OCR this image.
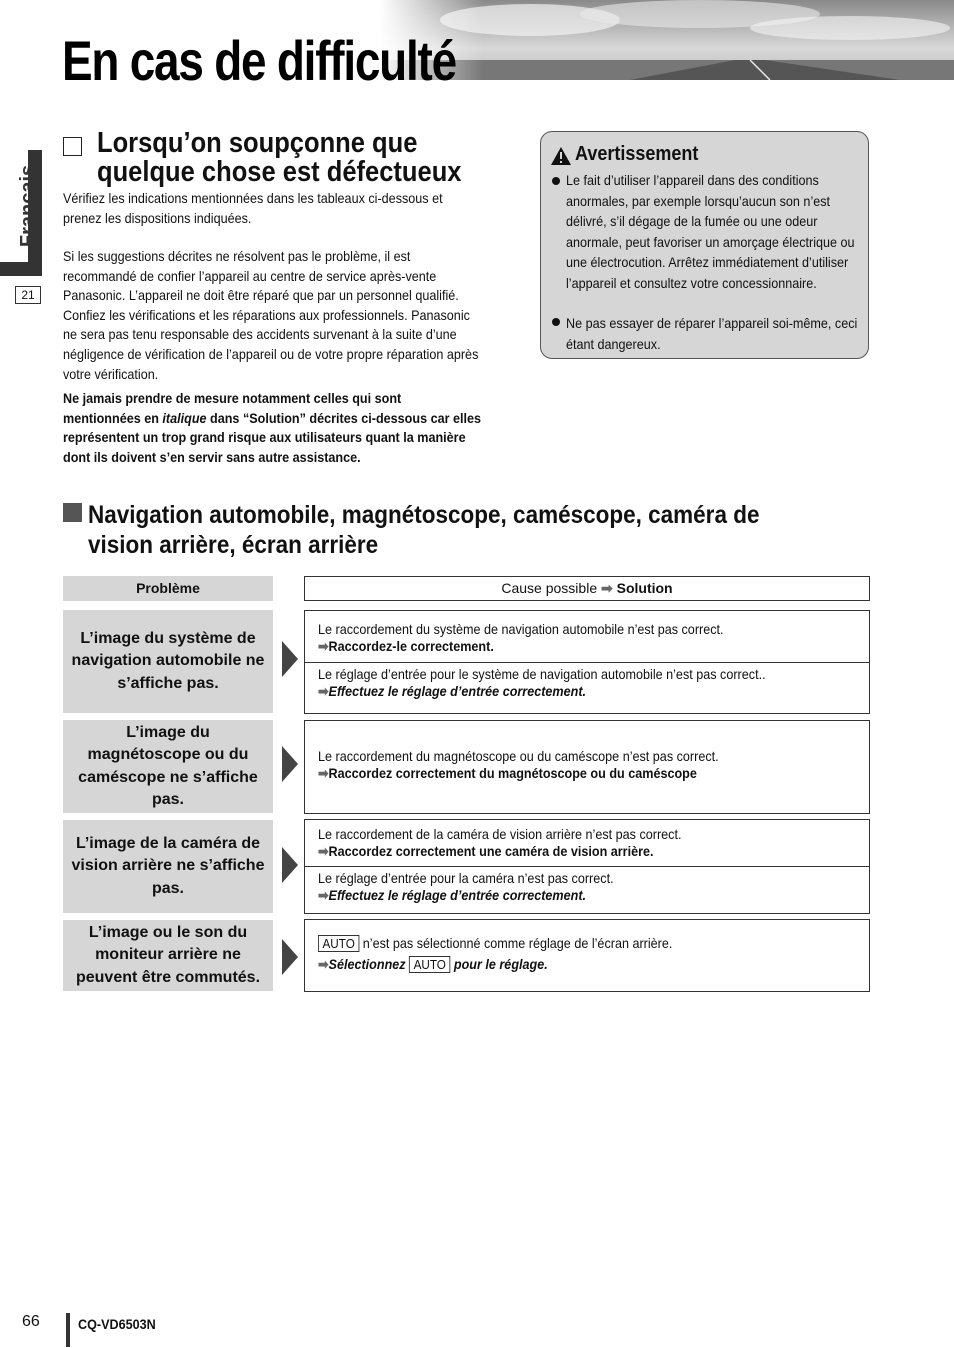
En cas de difficulté
Français
21
Lorsqu’on soupçonne que quelque chose est défectueux
Vérifiez les indications mentionnées dans les tableaux ci-dessous et prenez les dispositions indiquées.
Si les suggestions décrites ne résolvent pas le problème, il est recommandé de confier l’appareil au centre de service après-vente Panasonic. L’appareil ne doit être réparé que par un personnel qualifié. Confiez les vérifications et les réparations aux professionnels. Panasonic ne sera pas tenu responsable des accidents survenant à la suite d’une négligence de vérification de l’appareil ou de votre propre réparation après votre vérification.
Ne jamais prendre de mesure notamment celles qui sont mentionnées en italique dans “Solution” décrites ci-dessous car elles représentent un trop grand risque aux utilisateurs quant la manière dont ils doivent s’en servir sans autre assistance.
Avertissement
Le fait d’utiliser l’appareil dans des conditions anormales, par exemple lorsqu’aucun son n’est délivré, s’il dégage de la fumée ou une odeur anormale, peut favoriser un amorçage électrique ou une électrocution. Arrêtez immédiatement d’utiliser l’appareil et consultez votre concessionnaire.
Ne pas essayer de réparer l’appareil soi-même, ceci étant dangereux.
Navigation automobile, magnétoscope, caméscope, caméra de vision arrière, écran arrière
Problème	Cause possible ➡ Solution
L’image du système de navigation automobile ne s’affiche pas.
Le raccordement du système de navigation automobile n’est pas correct.
➡Raccordez-le correctement.
Le réglage d’entrée pour le système de navigation automobile n’est pas correct..
➡Effectuez le réglage d’entrée correctement.
L’image du magnétoscope ou du caméscope ne s’affiche pas.
Le raccordement du magnétoscope ou du caméscope n’est pas correct.
➡Raccordez correctement du magnétoscope ou du caméscope
L’image de la caméra de vision arrière ne s’affiche pas.
Le raccordement de la caméra de vision arrière n’est pas correct.
➡Raccordez correctement une caméra de vision arrière.
Le réglage d’entrée pour la caméra n’est pas correct.
➡Effectuez le réglage d’entrée correctement.
L’image ou le son du moniteur arrière ne peuvent être commutés.
AUTO n’est pas sélectionné comme réglage de l’écran arrière.
➡Sélectionnez AUTO pour le réglage.
66	CQ-VD6503N
